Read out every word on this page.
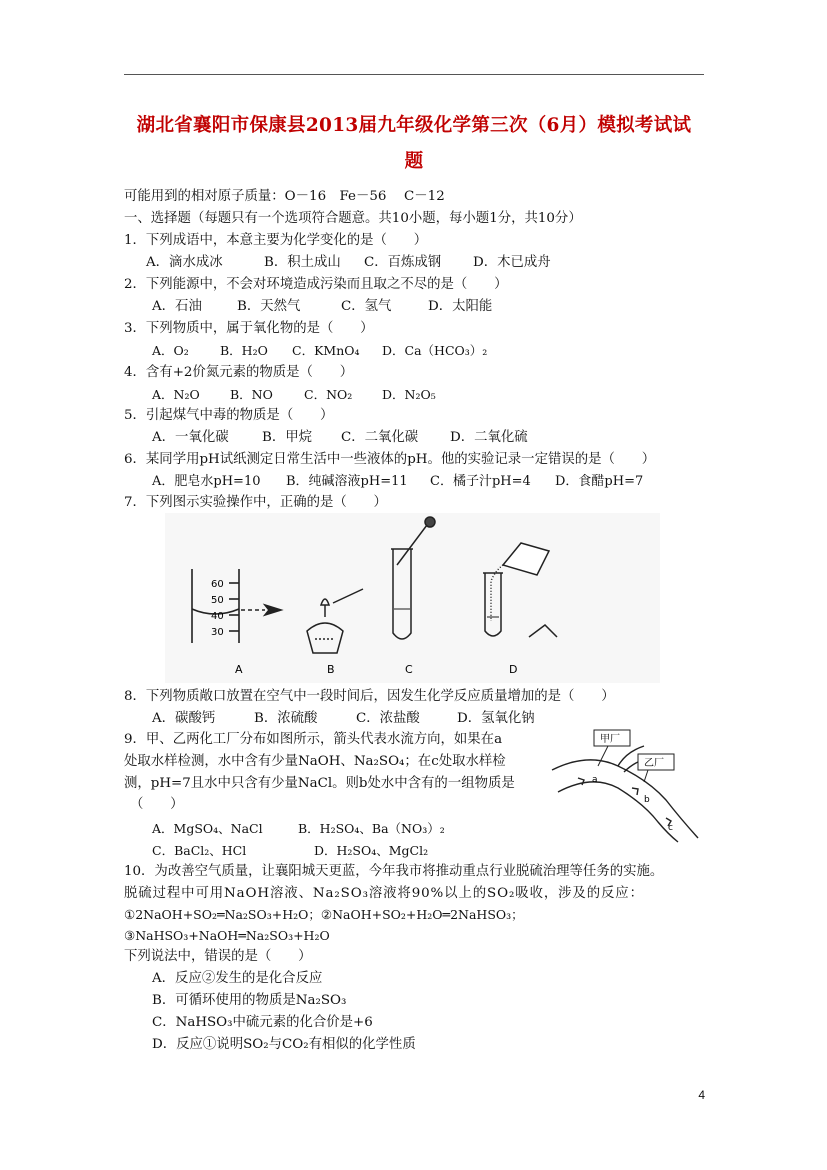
湖北省襄阳市保康县2013届九年级化学第三次（6月）模拟考试试
题
可能用到的相对原子质量：O－16　Fe－56　 C－12
一、选择题（每题只有一个选项符合题意。共10小题，每小题1分，共10分）
1．下列成语中，本意主要为化学变化的是（　　）
A．滴水成冰	B．积土成山 C．百炼成钢 D．木已成舟
2．下列能源中，不会对环境造成污染而且取之不尽的是（　　）
A．石油	B．天然气	C．氢气	D．太阳能
3．下列物质中，属于氧化物的是（　　）
A．O₂ B．H₂O C．KMnO₄ D．Ca（HCO₃）₂
4．含有+2价氮元素的物质是（　　）
A．N₂O B．NO C．NO₂ D．N₂O₅
5．引起煤气中毒的物质是（　　）
A．一氧化碳 B．甲烷 C．二氧化碳 D．二氧化硫
6．某同学用pH试纸测定日常生活中一些液体的pH。他的实验记录一定错误的是（　　）
A．肥皂水pH=10 B．纯碱溶液pH=11 C．橘子汁pH=4 D．食醋pH=7
7．下列图示实验操作中，正确的是（　　）
60
50
40
30
A	B	C	D
8．下列物质敞口放置在空气中一段时间后，因发生化学反应质量增加的是（　　）
A．碳酸钙	B．浓硫酸	C．浓盐酸	D．氢氧化钠
9．甲、乙两化工厂分布如图所示，箭头代表水流方向，如果在a
处取水样检测，水中含有少量NaOH、Na₂SO₄；在c处取水样检
测，pH=7且水中只含有少量NaCl。则b处水中含有的一组物质是
（　　）
A．MgSO₄、NaCl	B．H₂SO₄、Ba（NO₃）₂
C．BaCl₂、HCl	D．H₂SO₄、MgCl₂
甲厂
乙厂
a
b
c
10．为改善空气质量，让襄阳城天更蓝，今年我市将推动重点行业脱硫治理等任务的实施。
脱硫过程中可用NaOH溶液、Na₂SO₃溶液将90%以上的SO₂吸收，涉及的反应：
①2NaOH+SO₂═Na₂SO₃+H₂O；②NaOH+SO₂+H₂O═2NaHSO₃；
③NaHSO₃+NaOH═Na₂SO₃+H₂O
下列说法中，错误的是（　　）
A．反应②发生的是化合反应
B．可循环使用的物质是Na₂SO₃
C．NaHSO₃中硫元素的化合价是+6
D．反应①说明SO₂与CO₂有相似的化学性质
4
